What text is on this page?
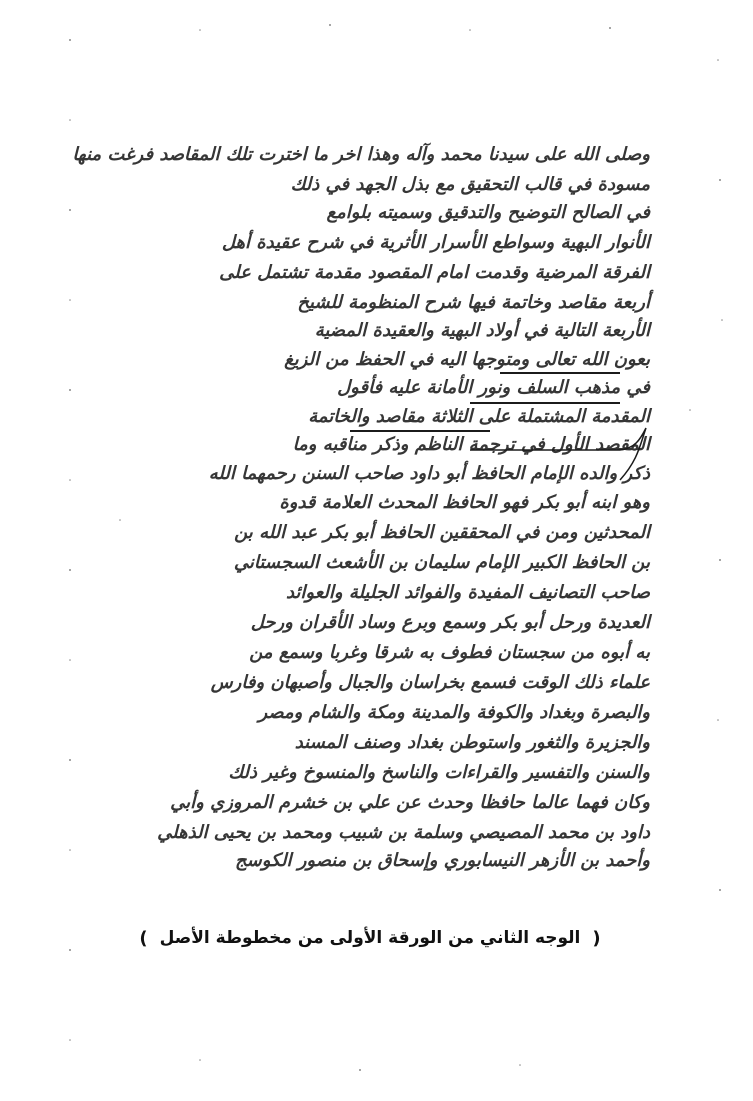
وصلى الله على سيدنا محمد وآله وهذا اخر ما اخترت تلك المقاصد فرغت منها
مسودة في قالب التحقيق مع بذل الجهد في ذلك
في الصالح التوضيح والتدقيق وسميته بلوامع
الأنوار البهية وسواطع الأسرار الأثرية في شرح عقيدة أهل
الفرقة المرضية وقدمت امام المقصود مقدمة تشتمل على
أربعة مقاصد وخاتمة فيها شرح المنظومة للشيخ
الأربعة التالية في أولاد البهية والعقيدة المضية
بعون الله تعالى ومتوجها اليه في الحفظ من الزيغ
في مذهب السلف ونور الأمانة عليه فأقول
المقدمة المشتملة على الثلاثة مقاصد والخاتمة
المقصد الأول في ترجمة الناظم وذكر مناقبه وما
ذكر والده الإمام الحافظ أبو داود صاحب السنن رحمهما الله
وهو ابنه أبو بكر فهو الحافظ المحدث العلامة قدوة
المحدثين ومن في المحققين الحافظ أبو بكر عبد الله بن
بن الحافظ الكبير الإمام سليمان بن الأشعث السجستاني
صاحب التصانيف المفيدة والفوائد الجليلة والعوائد
العديدة ورحل أبو بكر وسمع وبرع وساد الأقران ورحل
به أبوه من سجستان فطوف به شرقا وغربا وسمع من
علماء ذلك الوقت فسمع بخراسان والجبال وأصبهان وفارس
والبصرة وبغداد والكوفة والمدينة ومكة والشام ومصر
والجزيرة والثغور واستوطن بغداد وصنف المسند
والسنن والتفسير والقراءات والناسخ والمنسوخ وغير ذلك
وكان فهما عالما حافظا وحدث عن علي بن خشرم المروزي وأبي
داود بن محمد المصيصي وسلمة بن شبيب ومحمد بن يحيى الذهلي
وأحمد بن الأزهر النيسابوري وإسحاق بن منصور الكوسج
(
الوجه الثاني من الورقة الأولى من مخطوطة الأصل
)
